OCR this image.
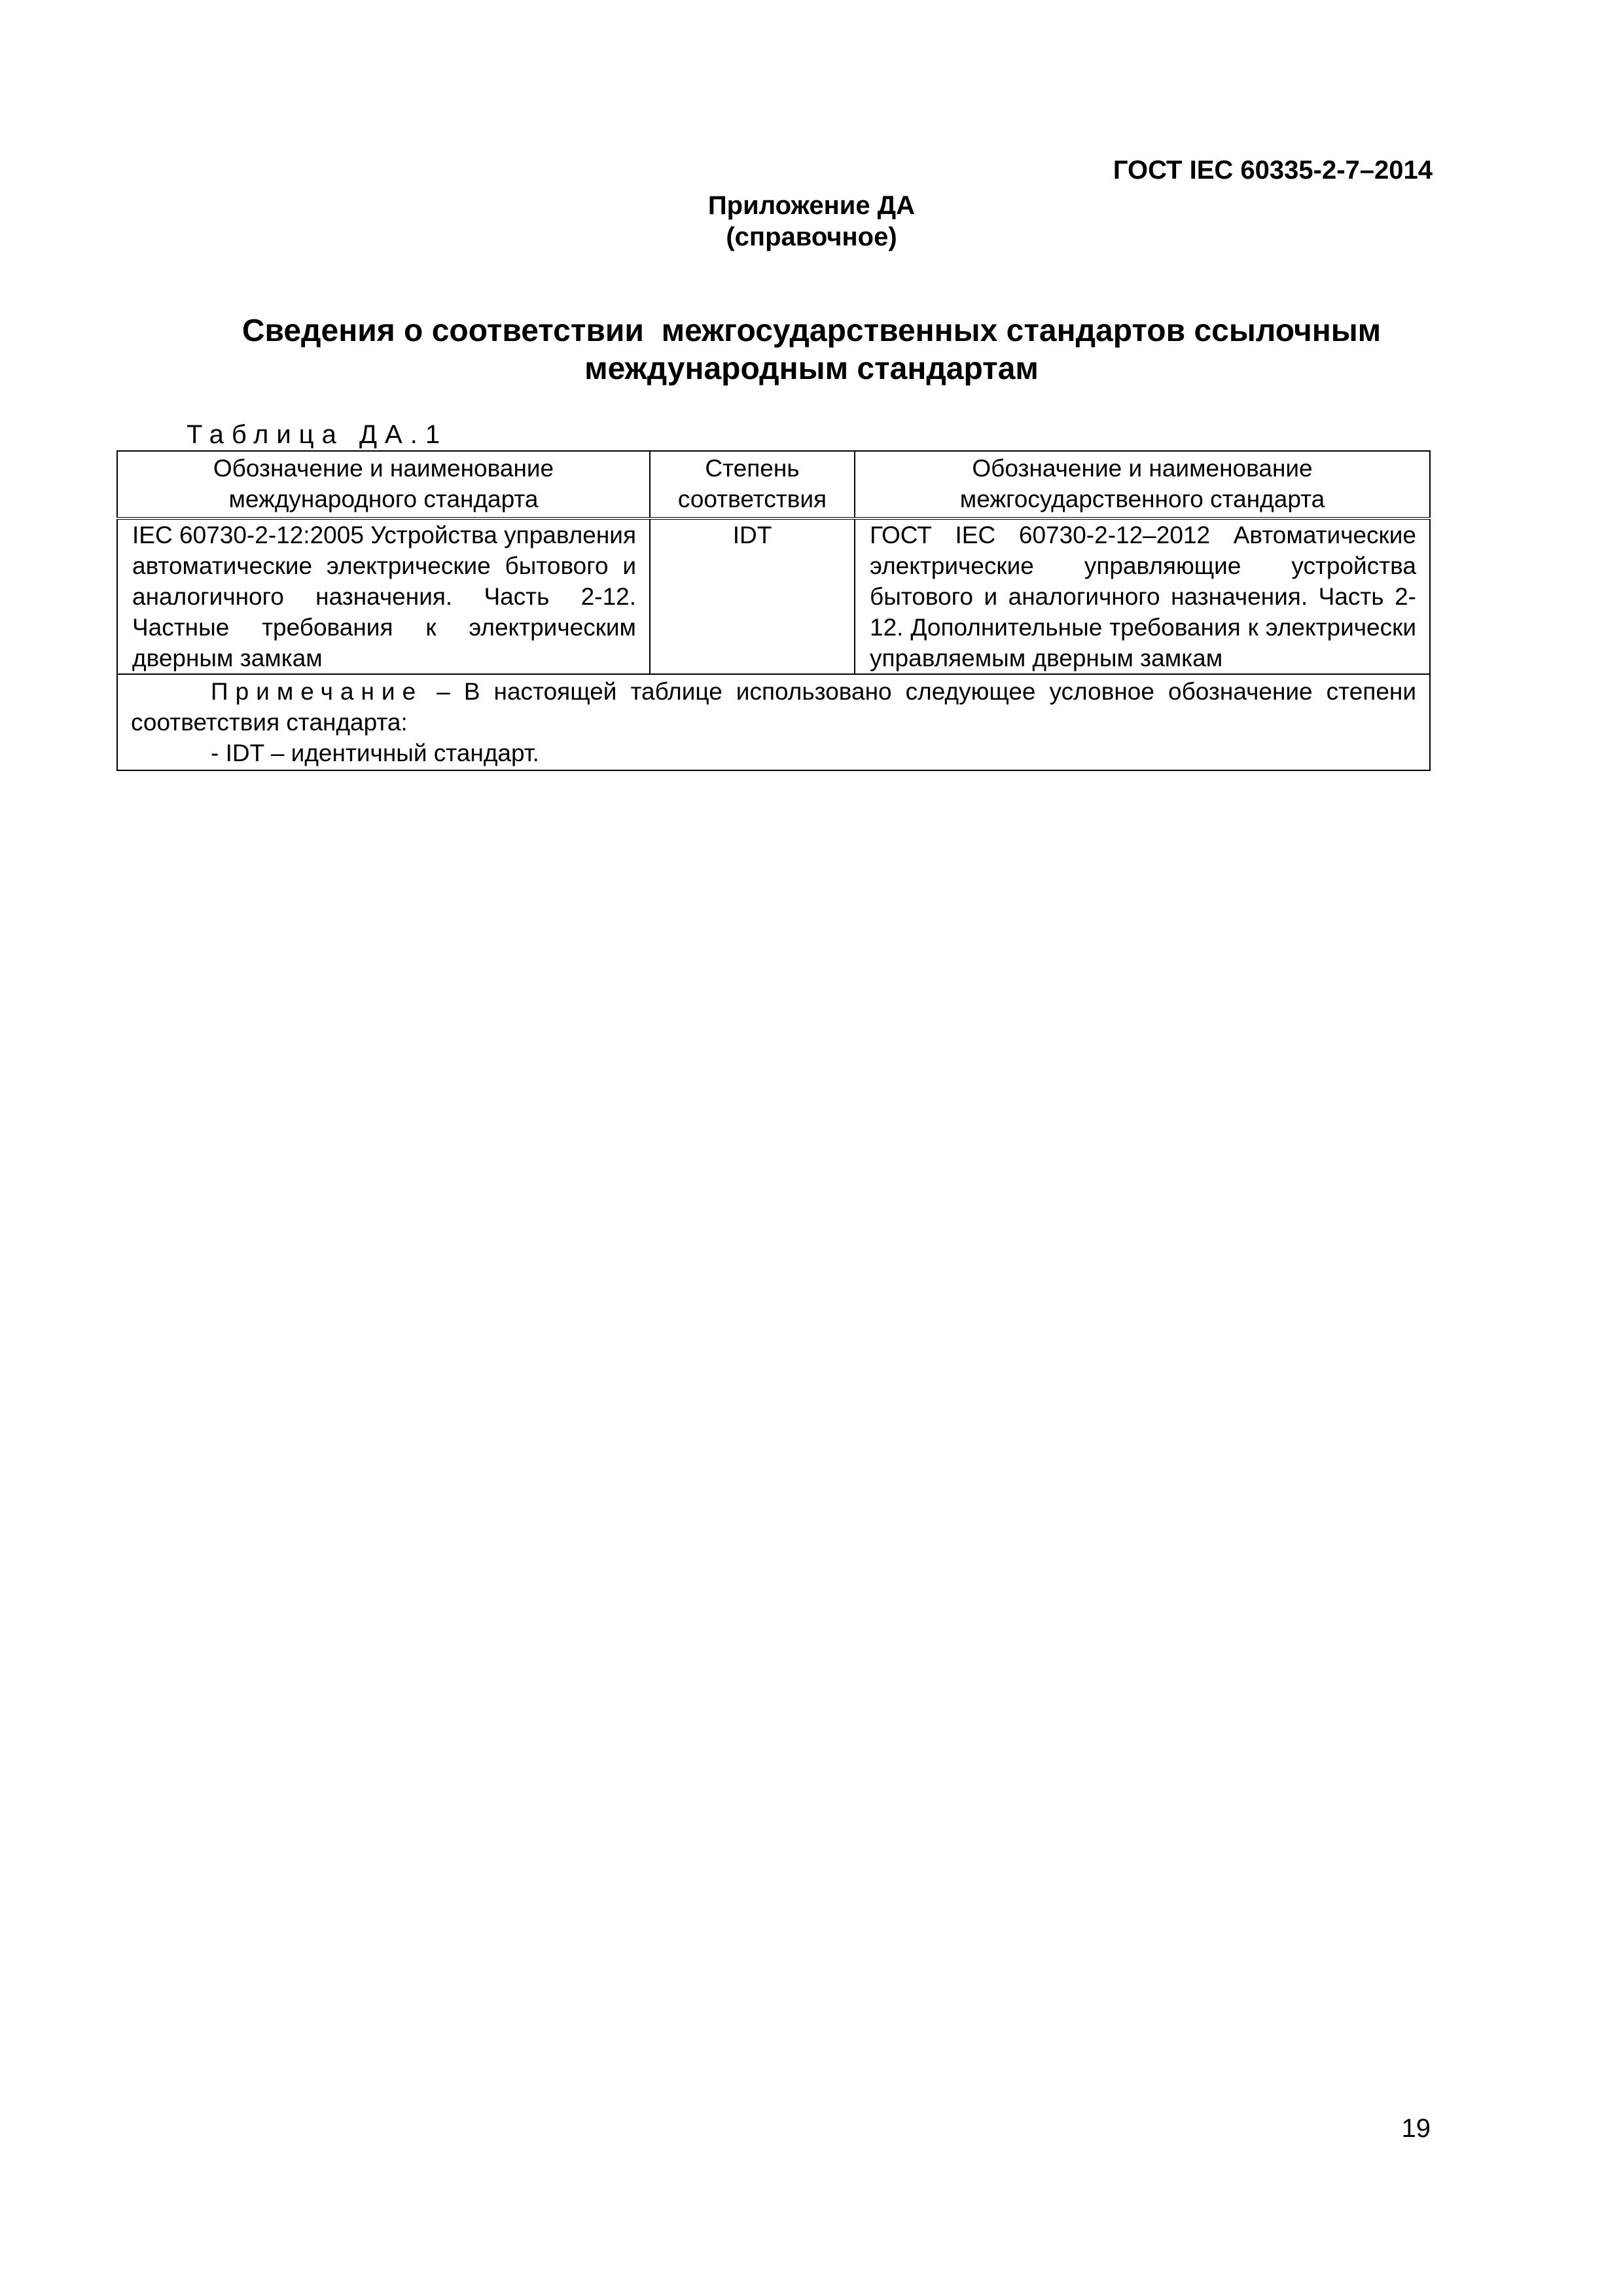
ГОСТ IEC 60335-2-7–2014
Приложение ДА
(справочное)
Сведения о соответствии  межгосударственных стандартов ссылочным
международным стандартам
Таблица ДА.1
Обозначение и наименование международного стандарта	Степень соответствия	Обозначение и наименование межгосударственного стандарта
IEC 60730-2-12:2005 Устройства управления автоматические электрические бытового и аналогичного назначения. Часть 2-12. Частные требования к электрическим дверным замкам	IDT	ГОСТ IEC 60730-2-12–2012 Автоматические электрические управляющие устройства бытового и аналогичного назначения. Часть 2-12. Дополнительные требования к электрически управляемым дверным замкам
Примечание – В настоящей таблице использовано следующее условное обозначение степени соответствия стандарта:
- IDT – идентичный стандарт.		
19
